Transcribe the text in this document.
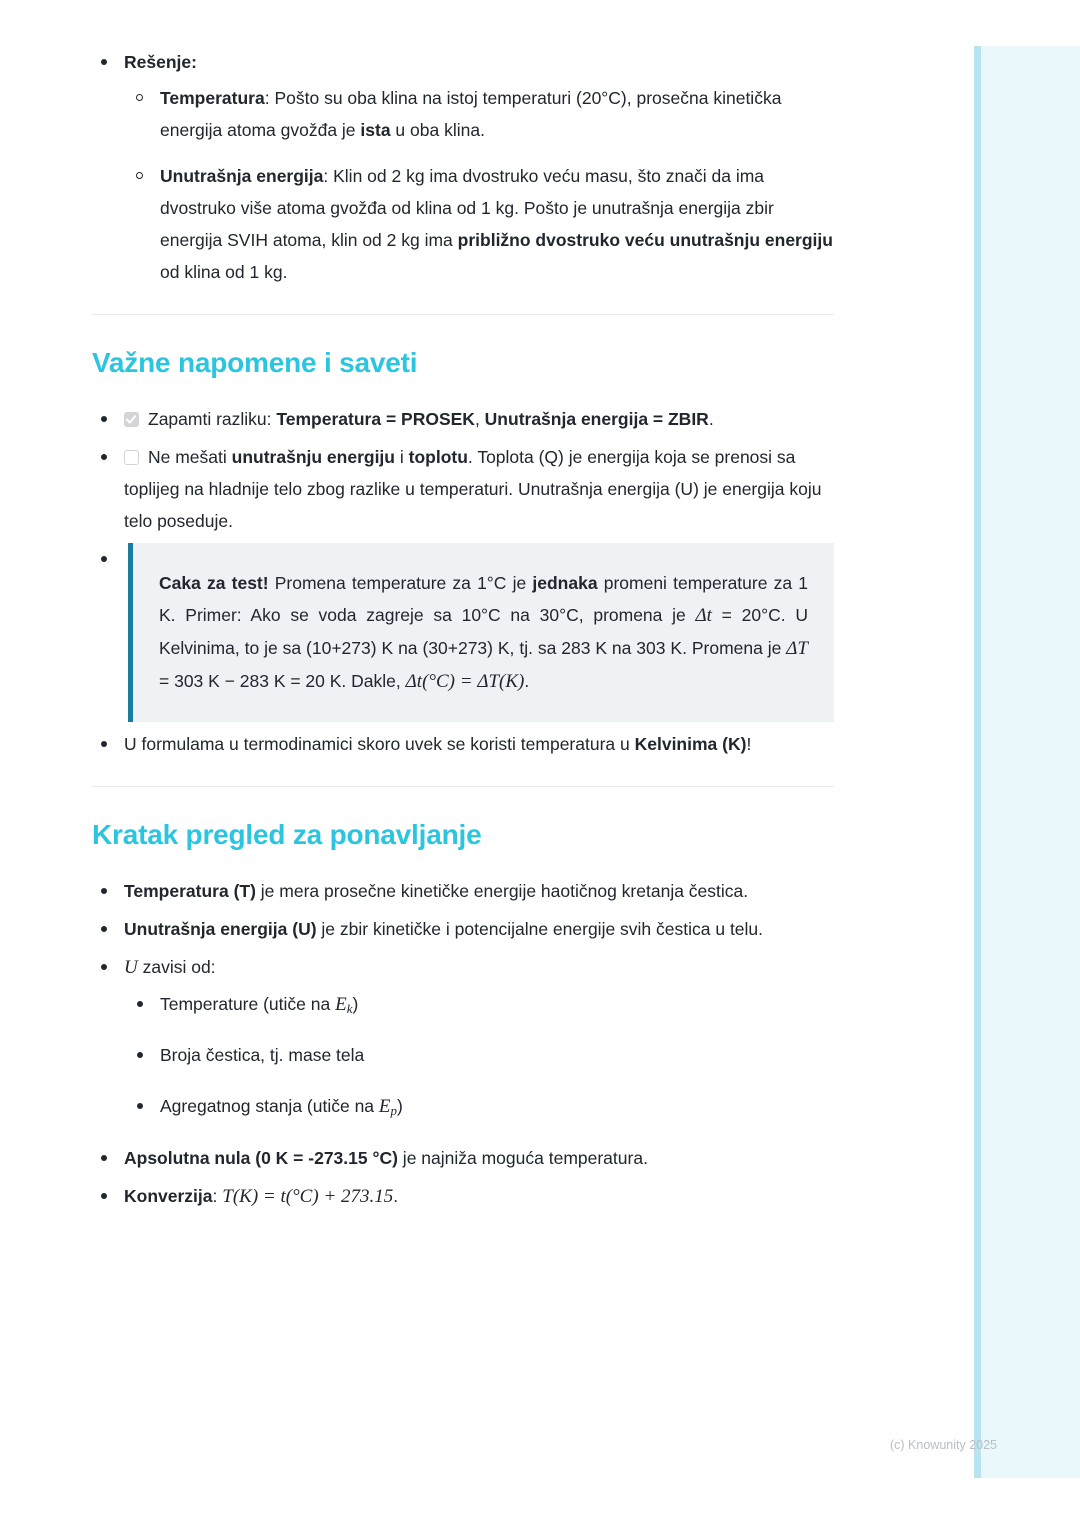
Rešenje:
Temperatura: Pošto su oba klina na istoj temperaturi (20°C), prosečna kinetička energija atoma gvožđa je ista u oba klina.
Unutrašnja energija: Klin od 2 kg ima dvostruko veću masu, što znači da ima dvostruko više atoma gvožđa od klina od 1 kg. Pošto je unutrašnja energija zbir energija SVIH atoma, klin od 2 kg ima približno dvostruko veću unutrašnju energiju od klina od 1 kg.
Važne napomene i saveti
Zapamti razliku: Temperatura = PROSEK, Unutrašnja energija = ZBIR.
Ne mešati unutrašnju energiju i toplotu. Toplota (Q) je energija koja se prenosi sa toplijeg na hladnije telo zbog razlike u temperaturi. Unutrašnja energija (U) je energija koju telo poseduje.

Caka za test! Promena temperature za 1°C je jednaka promeni temperature za 1 K. Primer: Ako se voda zagreje sa 10°C na 30°C, promena je Δt = 20°C. U Kelvinima, to je sa (10+273) K na (30+273) K, tj. sa 283 K na 303 K. Promena je ΔT = 303 K − 283 K = 20 K. Dakle, Δt(°C) = ΔT(K).

U formulama u termodinamici skoro uvek se koristi temperatura u Kelvinima (K)!
Kratak pregled za ponavljanje
Temperatura (T) je mera prosečne kinetičke energije haotičnog kretanja čestica.
Unutrašnja energija (U) je zbir kinetičke i potencijalne energije svih čestica u telu.
U zavisi od:
Temperature (utiče na $E_k$)
Broja čestica, tj. mase tela
Agregatnog stanja (utiče na $E_p$)
Apsolutna nula (0 K = -273.15 °C) je najniža moguća temperatura.
Konverzija: T(K) = t(°C) + 273.15.
(c) Knowunity 2025
